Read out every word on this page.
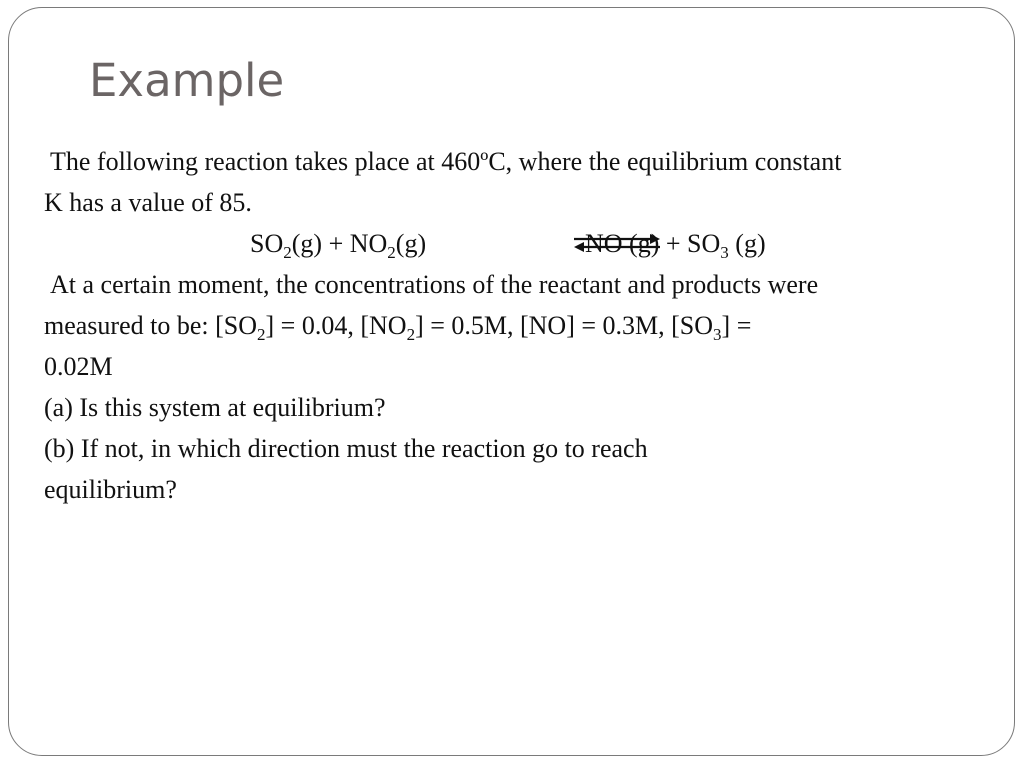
Example
The following reaction takes place at 460ºC, where the equilibrium constant
K has a value of 85.
$SO_2(g) + NO_2(g)$	NO $(g) + SO_3$ (g)
At a certain moment, the concentrations of the reactant and products were
measured to be: $[SO_2] = 0.04$, $[NO_2] = 0.5M$, [NO] = 0.3M, $[SO_3]$ =
0.02M
(a) Is this system at equilibrium?
(b) If not, in which direction must the reaction go to reach
equilibrium?
